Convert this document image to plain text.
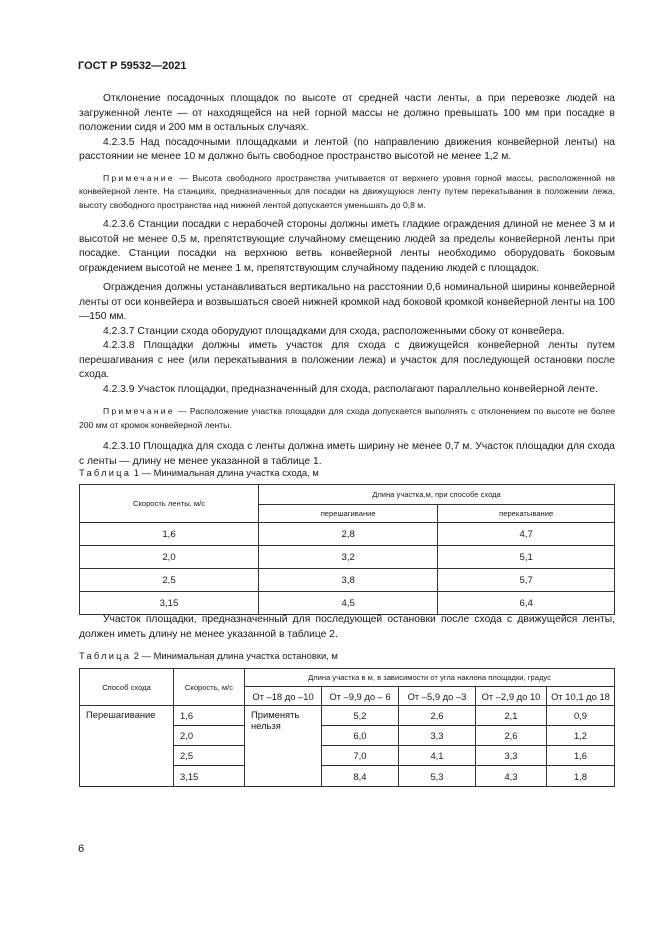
ГОСТ Р 59532—2021

Отклонение посадочных площадок по высоте от средней части ленты, а при перевозке людей на загруженной ленте — от находящейся на ней горной массы не должно превышать 100 мм при посадке в положении сидя и 200 мм в остальных случаях.

4.2.3.5 Над посадочными площадками и лентой (по направлению движения конвейерной ленты) на расстоянии не менее 10 м должно быть свободное пространство высотой не менее 1,2 м.

Примечание — Высота свободного пространства учитывается от верхнего уровня горной массы, расположенной на конвейерной ленте. На станциях, предназначенных для посадки на движущуюся ленту путем перекатывания в положении лежа, высоту свободного пространства над нижней лентой допускается уменьшать до 0,8 м.

4.2.3.6 Станции посадки с нерабочей стороны должны иметь гладкие ограждения длиной не менее 3 м и высотой не менее 0,5 м, препятствующие случайному смещению людей за пределы конвейерной ленты при посадке. Станции посадки на верхнюю ветвь конвейерной ленты необходимо оборудовать боковым ограждением высотой не менее 1 м, препятствующим случайному падению людей с площадок.

Ограждения должны устанавливаться вертикально на расстоянии 0,6 номинальной ширины конвейерной ленты от оси конвейера и возвышаться своей нижней кромкой над боковой кромкой конвейерной ленты на 100—150 мм.

4.2.3.7 Станции схода оборудуют площадками для схода, расположенными сбоку от конвейера.

4.2.3.8 Площадки должны иметь участок для схода с движущейся конвейерной ленты путем перешагивания с нее (или перекатывания в положении лежа) и участок для последующей остановки после схода.

4.2.3.9 Участок площадки, предназначенный для схода, располагают параллельно конвейерной ленте.

Примечание — Расположение участка площадки для схода допускается выполнять с отклонением по высоте не более 200 мм от кромок конвейерной ленты.

4.2.3.10 Площадка для схода с ленты должна иметь ширину не менее 0,7 м. Участок площадки для схода с ленты — длину не менее указанной в таблице 1.

Таблица 1 — Минимальная длина участка схода, м
Скорость ленты, м/с	Длина участка,м, при способе схода	
	перешагивание	перекатывание
1,6	2,8	4,7
2,0	3,2	5,1
2,5	3,8	5,7
3,15	4,5	6,4

Участок площадки, предназначенный для последующей остановки после схода с движущейся ленты, должен иметь длину не менее указанной в таблице 2.

Таблица 2 — Минимальная длина участка остановки, м
Способ схода	Скорость, м/с	Длина участка в м, в зависимости от угла наклона площадки, градус				
		От –18 до –10	От –9,9 до – 6	От –5,9 до –3	От –2,9 до 10	От 10,1 до 18
Перешагивание	1,6	Применять нельзя	5,2	2,6	2,1	0,9
	2,0		6,0	3,3	2,6	1,2
	2,5		7,0	4,1	3,3	1,6
	3,15		8,4	5,3	4,3	1,8
6
